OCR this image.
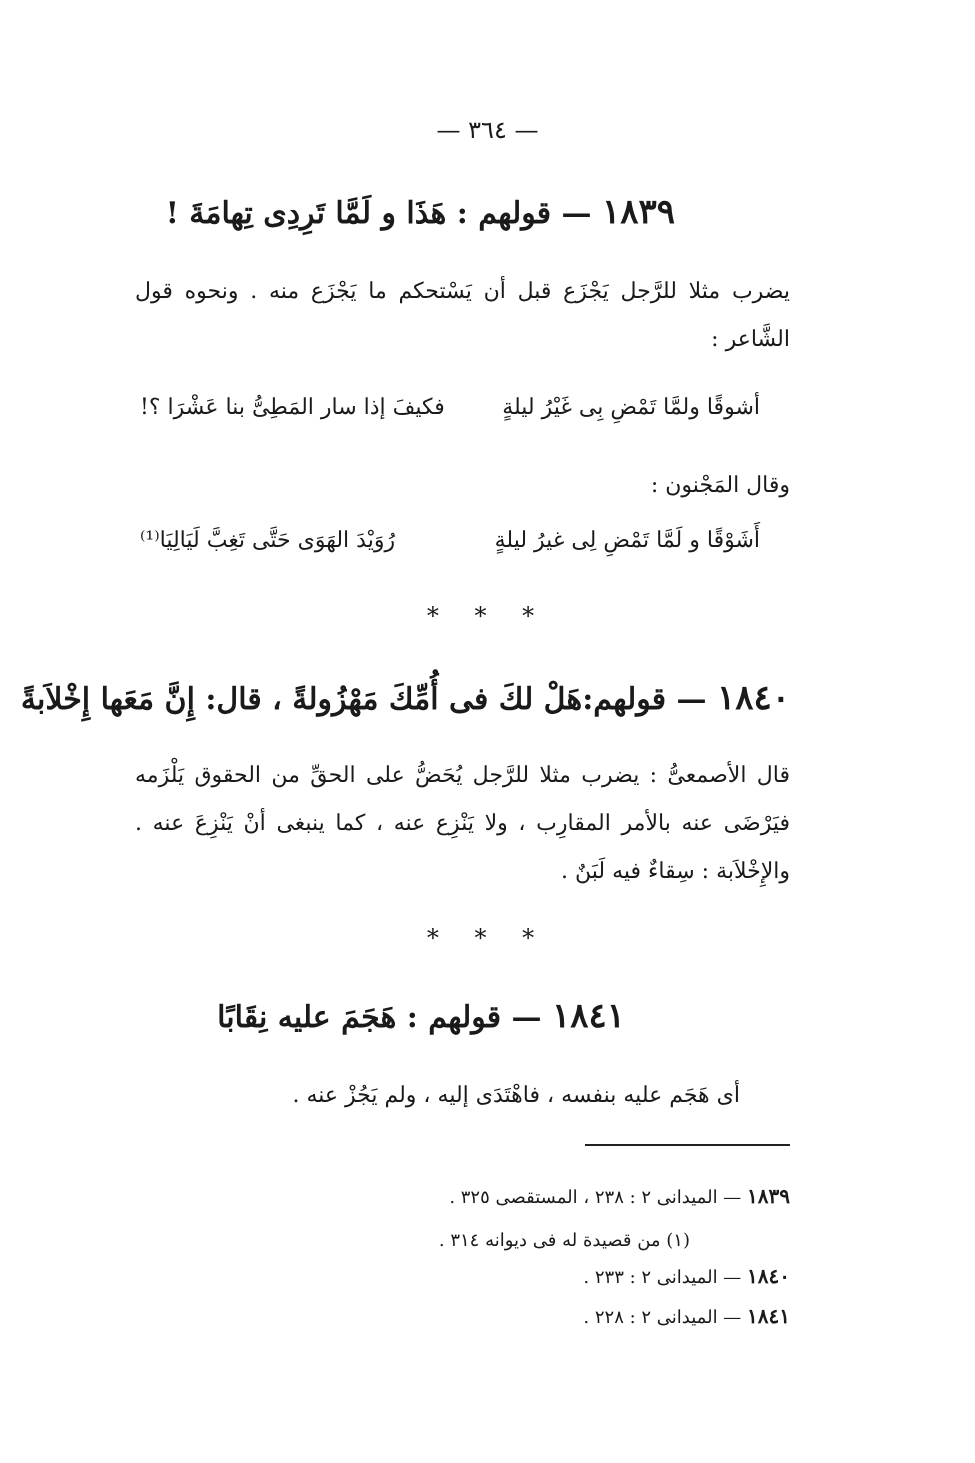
— ٣٦٤ —
١٨٣٩ — قولهم : هَذَا و لَمَّا تَرِدِى تِهامَةَ !
يضرب مثلا للرَّجل يَجْزَع قبل أن يَسْتحكم ما يَجْزَع منه . ونحوه قول الشَّاعر :
أشوقًا ولمَّا تَمْضِ بِى غَيْرُ ليلةٍ
فكيفَ إذا سار المَطِىُّ بنا عَشْرَا ؟!
وقال المَجْنون :
أَشَوْقًا و لَمَّا تَمْضِ لِى غيرُ ليلةٍ
رُوَيْدَ الهَوَى حَتَّى تَغِبَّ لَيَالِيَا⁽¹⁾
* * *
١٨٤٠ — قولهم:هَلْ لكَ فى أُمِّكَ مَهْزُولةً ، قال: إِنَّ مَعَها إِخْلاَبةً
قال الأصمعىُّ : يضرب مثلا للرَّجل يُحَضُّ على الحقِّ من الحقوق يَلْزَمه فيَرْضَى عنه بالأمر المقارِب ، ولا يَنْزِع عنه ، كما ينبغى أنْ يَنْزِعَ عنه . والإِخْلاَبة : سِقاءٌ فيه لَبَنٌ .
* * *
١٨٤١ — قولهم : هَجَمَ عليه نِقَابًا
أى هَجَم عليه بنفسه ، فاهْتَدَى إليه ، ولم يَجُزْ عنه .
١٨٣٩ — الميدانى ٢ : ٢٣٨ ، المستقصى ٣٢٥ .
(١) من قصيدة له فى ديوانه ٣١٤ .
١٨٤٠ — الميدانى ٢ : ٢٣٣ .
١٨٤١ — الميدانى ٢ : ٢٢٨ .
